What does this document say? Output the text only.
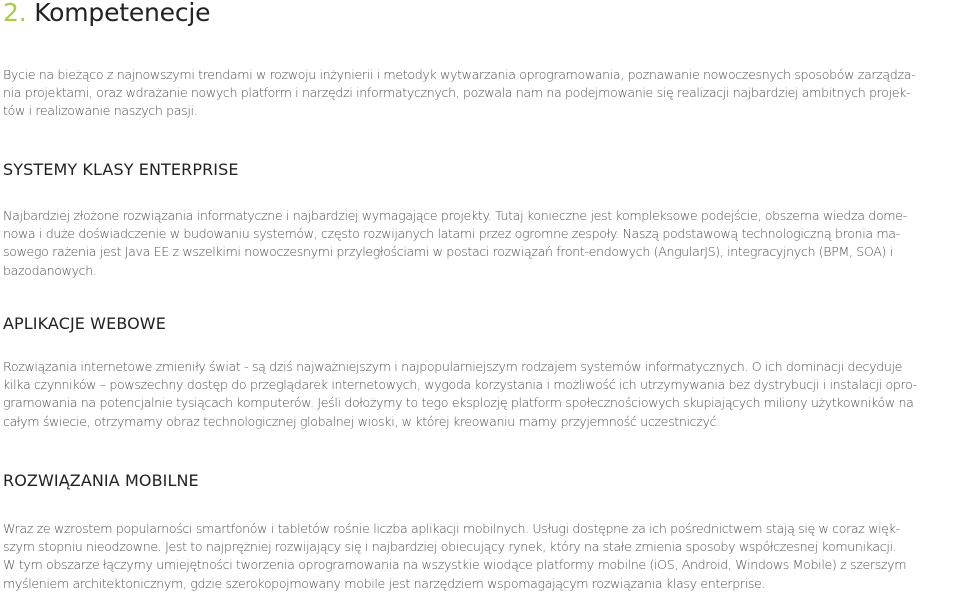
2. Kompetenecje

Bycie na bieżąco z najnowszymi trendami w rozwoju inżynierii i metodyk wytwarzania oprogramowania, poznawanie nowoczesnych sposobów zarządza-
nia projektami, oraz wdrażanie nowych platform i narzędzi informatycznych, pozwala nam na podejmowanie się realizacji najbardziej ambitnych projek-
tów i realizowanie naszych pasji.

SYSTEMY KLASY ENTERPRISE

Najbardziej złożone rozwiązania informatyczne i najbardziej wymagające projekty. Tutaj konieczne jest kompleksowe podejście, obszerna wiedza dome-
nowa i duże doświadczenie w budowaniu systemów, często rozwijanych latami przez ogromne zespoły. Naszą podstawową technologiczną bronia ma-
sowego rażenia jest Java EE z wszelkimi nowoczesnymi przyległościami w postaci rozwiązań front-endowych (AngularJS), integracyjnych (BPM, SOA) i
bazodanowych.

APLIKACJE WEBOWE

Rozwiązania internetowe zmieniły świat - są dziś najważniejszym i najpopularniejszym rodzajem systemów informatycznych. O ich dominacji decyduje
kilka czynników – powszechny dostęp do przeglądarek internetowych, wygoda korzystania i możliwość ich utrzymywania bez dystrybucji i instalacji opro-
gramowania na potencjalnie tysiącach komputerów. Jeśli dołożymy to tego eksplozję platform społecznościowych skupiających miliony użytkowników na
całym świecie, otrzymamy obraz technologicznej globalnej wioski, w której kreowaniu mamy przyjemność uczestniczyć.

ROZWIĄZANIA MOBILNE

Wraz ze wzrostem popularności smartfonów i tabletów rośnie liczba aplikacji mobilnych. Usługi dostępne za ich pośrednictwem stają się w coraz więk-
szym stopniu nieodzowne. Jest to najprężniej rozwijający się i najbardziej obiecujący rynek, który na stałe zmienia sposoby współczesnej komunikacji.
W tym obszarze łączymy umiejętności tworzenia oprogramowania na wszystkie wiodące platformy mobilne (iOS, Android, Windows Mobile) z szerszym
myśleniem architektonicznym, gdzie szerokopojmowany mobile jest narzędziem wspomagającym rozwiązania klasy enterprise.
